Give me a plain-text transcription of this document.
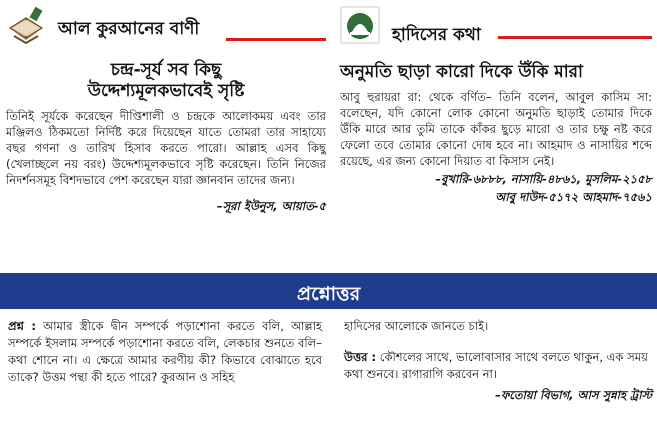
আল কুরআনের বাণী
চন্দ্র-সূর্য সব কিছু
উদ্দেশ্যমূলকভাবেই সৃষ্টি

তিনিই সূর্যকে করেছেন দীপ্তিশালী ও চন্দ্রকে আলোকময় এবং তার মঞ্জিলও ঠিকমতো নির্দিষ্ট করে দিয়েছেন যাতে তোমরা তার সাহায্যে বছর গণনা ও তারিখ হিসাব করতে পারো। আল্লাহ এসব কিছু (খেলাচ্ছলে নয় বরং) উদ্দেশ্যমূলকভাবে সৃষ্টি করেছেন। তিনি নিজের নিদর্শনসমূহ বিশদভাবে পেশ করেছেন যারা জ্ঞানবান তাদের জন্য।

–সূরা ইউনুস, আয়াত-৫
হাদিসের কথা
অনুমতি ছাড়া কারো দিকে উঁকি মারা

আবু হুরায়রা রা: থেকে বর্ণিত– তিনি বলেন, আবুল কাসিম সা: বলেছেন, যদি কোনো লোক কোনো অনুমতি ছাড়াই তোমার দিকে উঁকি মারে আর তুমি তাকে কাঁকর ছুড়ে মারো ও তার চক্ষু নষ্ট করে ফেলো তবে তোমার কোনো দোষ হবে না। আহমাদ ও নাসায়ির শব্দে রয়েছে, এর জন্য কোনো দিয়াত বা কিসাস নেই।

–বুখারি-৬৮৮৮, নাসায়ি-৪৮৬১, মুসলিম-২১৫৮
আবু দাউদ-৫১৭২ আহমাদ-৭৫৬১
প্রশ্নোত্তর
প্রশ্ন : আমার স্ত্রীকে দ্বীন সম্পর্কে পড়াশোনা করতে বলি, আল্লাহ সম্পর্কে ইসলাম সম্পর্কে পড়াশোনা করতে বলি, লেকচার শুনতে বলি– কথা শোনে না। এ ক্ষেত্রে আমার করণীয় কী? কিভাবে বোঝাতে হবে তাকে? উত্তম পন্থা কী হতে পারে? কুরআন ও সহিহ
হাদিসের আলোকে জানতে চাই।
উত্তর : কৌশলের সাথে, ভালোবাসার সাথে বলতে থাকুন, এক সময় কথা শুনবে। রাগারাগি করবেন না।
–ফতোয়া বিভাগ, আস সুন্নাহ ট্রাস্ট
